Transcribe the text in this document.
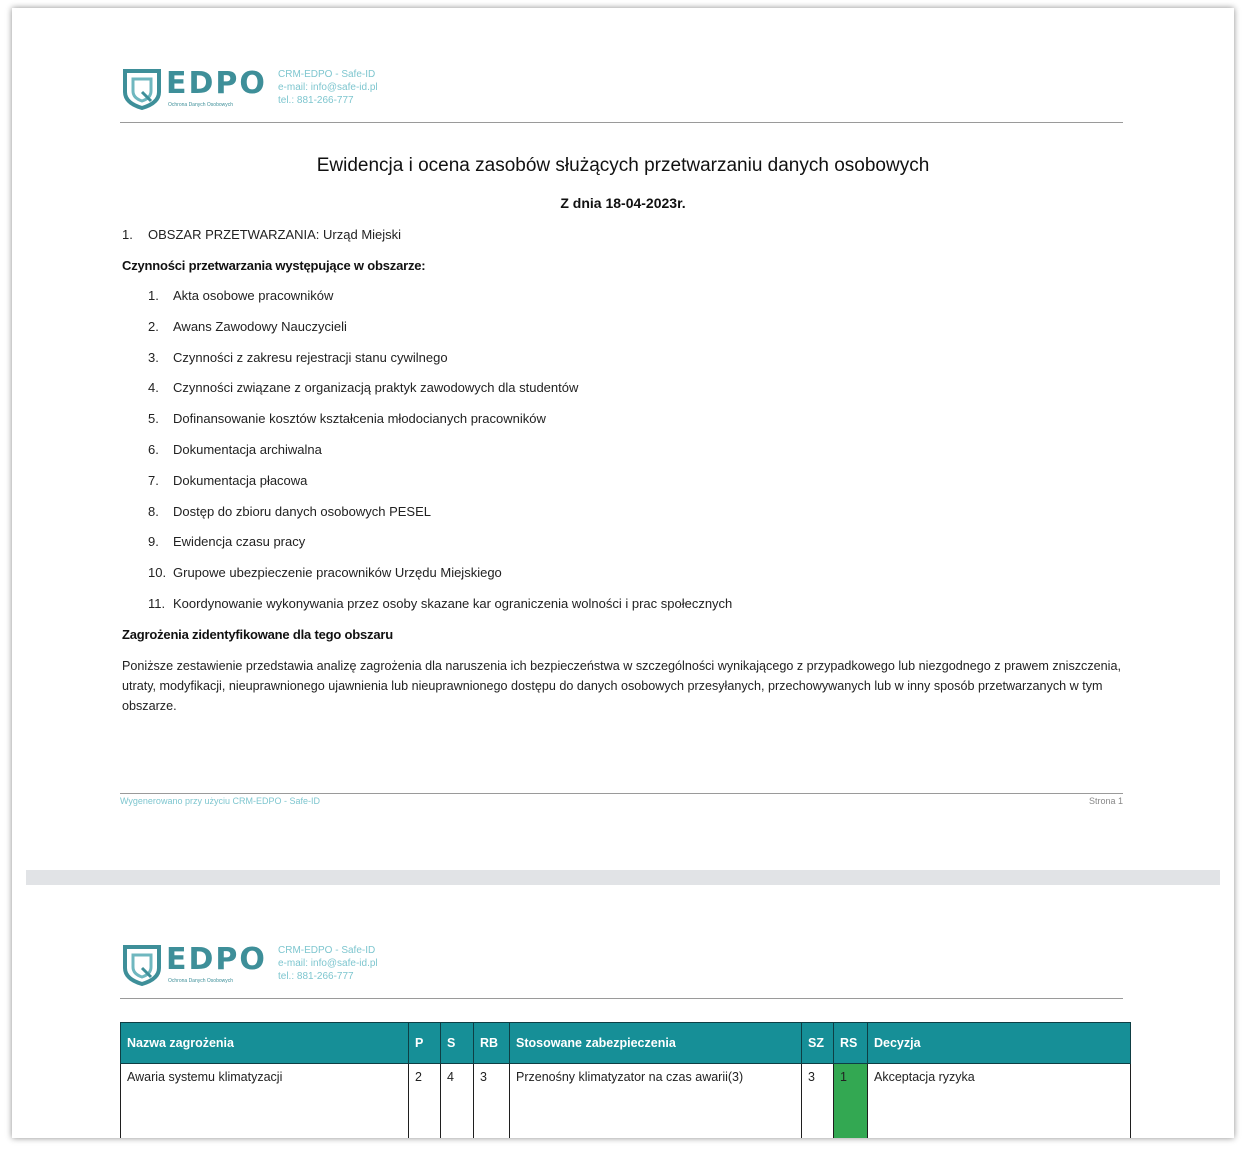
EDPO
Ochrona Danych Osobowych
CRM-EDPO - Safe-ID
e-mail: info@safe-id.pl
tel.: 881-266-777
Ewidencja i ocena zasobów służących przetwarzaniu danych osobowych
Z dnia 18-04-2023r.
1. OBSZAR PRZETWARZANIA: Urząd Miejski
Czynności przetwarzania występujące w obszarze:
1. Akta osobowe pracowników
2. Awans Zawodowy Nauczycieli
3. Czynności z zakresu rejestracji stanu cywilnego
4. Czynności związane z organizacją praktyk zawodowych dla studentów
5. Dofinansowanie kosztów kształcenia młodocianych pracowników
6. Dokumentacja archiwalna
7. Dokumentacja płacowa
8. Dostęp do zbioru danych osobowych PESEL
9. Ewidencja czasu pracy
10. Grupowe ubezpieczenie pracowników Urzędu Miejskiego
11. Koordynowanie wykonywania przez osoby skazane kar ograniczenia wolności i prac społecznych
Zagrożenia zidentyfikowane dla tego obszaru
Poniższe zestawienie przedstawia analizę zagrożenia dla naruszenia ich bezpieczeństwa w szczególności wynikającego z przypadkowego lub niezgodnego z prawem zniszczenia, utraty, modyfikacji, nieuprawnionego ujawnienia lub nieuprawnionego dostępu do danych osobowych przesyłanych, przechowywanych lub w inny sposób przetwarzanych w tym obszarze.
Wygenerowano przy użyciu CRM-EDPO - Safe-ID	Strona 1
EDPO
Ochrona Danych Osobowych
CRM-EDPO - Safe-ID
e-mail: info@safe-id.pl
tel.: 881-266-777
Nazwa zagrożenia	P	S	RB	Stosowane zabezpieczenia	SZ	RS	Decyzja
Awaria systemu klimatyzacji	2	4	3	Przenośny klimatyzator na czas awarii(3)	3	1	Akceptacja ryzyka
